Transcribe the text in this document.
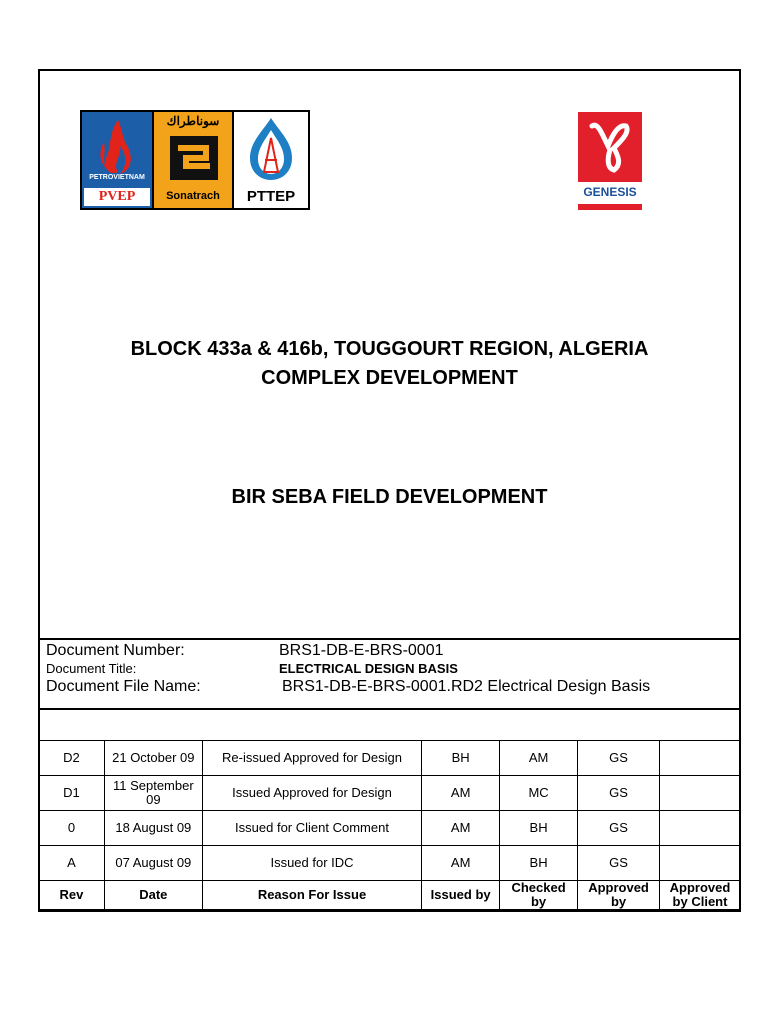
PETROVIETNAM
PVEP
سوناطراك
Sonatrach	PTTEP	GENESIS
BLOCK 433a & 416b, TOUGGOURT REGION, ALGERIA
COMPLEX DEVELOPMENT
BIR SEBA FIELD DEVELOPMENT
Document Number:	BRS1-DB-E-BRS-0001
Document Title:	ELECTRICAL DESIGN BASIS
Document File Name:	BRS1-DB-E-BRS-0001.RD2 Electrical Design Basis
D2	21 October 09	Re-issued Approved for Design	BH	AM	GS	
D1	11 September 09	Issued Approved for Design	AM	MC	GS	
0	18 August 09	Issued for Client Comment	AM	BH	GS	
A	07 August 09	Issued for IDC	AM	BH	GS	
Rev	Date	Reason For Issue	Issued by	Checked by	Approved by	Approved by Client
